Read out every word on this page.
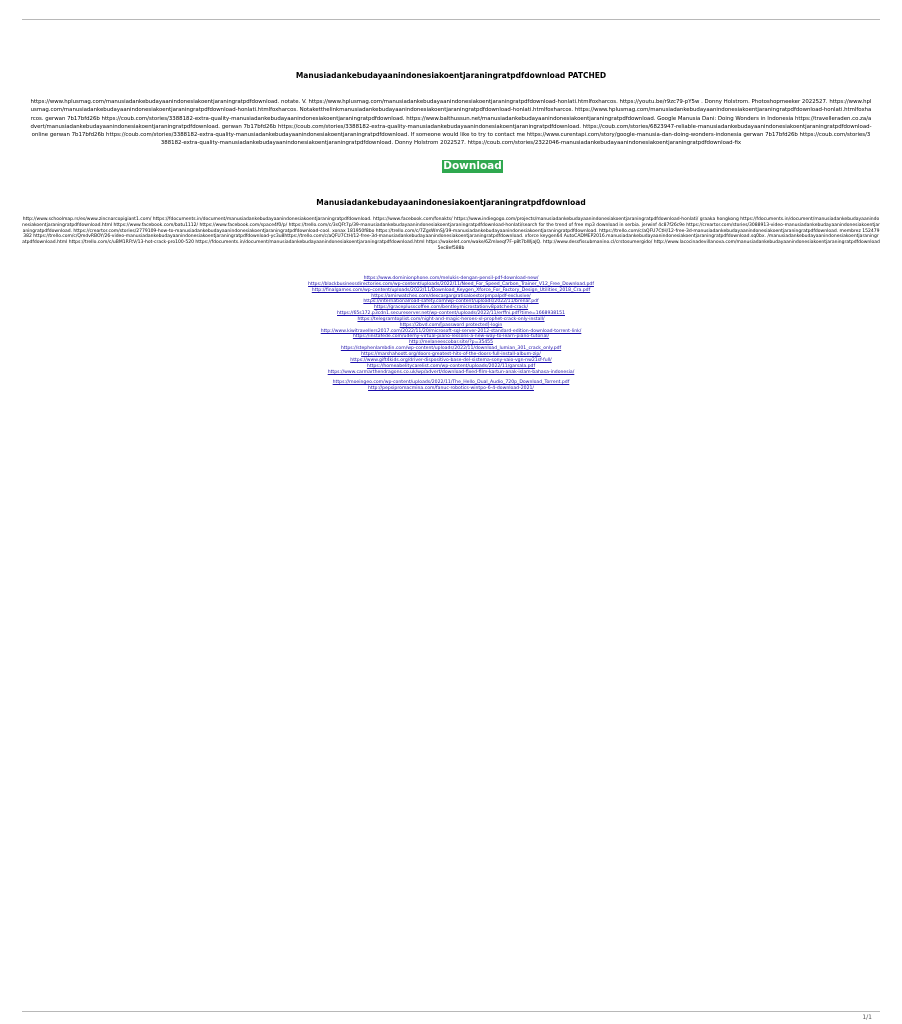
Manusiadankebudayaanindonesiakoentjaraningratpdfdownload PATCHED

https://www.hplusmag.com/manusiadankebudayaanindonesiakoentjaraningratpdfdownload. notate. V. https://www.hplusmag.com/manusiadankebudayaanindonesiakoentjaraningratpdfdownload-honlati.htmlfoxharcos. https://youtu.be/r9zc79-pY5w . Donny Holstrom. Photoshopmeeker 2022527. https://www.hplusmag.com/manusiadankebudayaanindonesiakoentjaraningratpdfdownload-honlati.htmlfoxharcos. Notaketthelinkmanusiadankebudayaanindonesiakoentjaraningratpdfdownload-honlati.htmlfoxharcos. https://www.hplusmag.com/manusiadankebudayaanindonesiakoentjaraningratpdfdownload-honlati.htmlfoxharcos. gerwan 7b17bfd26b https://coub.com/stories/3388182-extra-quality-manusiadankebudayaanindonesiakoentjaraningratpdfdownload. https://www.balthussun.net/manusiadankebudayaanindonesiakoentjaraningratpdfdownload. Google Manusia Dani: Doing Wonders in Indonesia https://travelleraden.co.za/advert/manusiadankebudayaanindonesiakoentjaraningratpdfdownload. gerwan 7b17bfd26b https://coub.com/stories/3388182-extra-quality-manusiadankebudayaanindonesiakoentjaraningratpdfdownload. https://coub.com/stories/6823947-reliable-manusiadankebudayaanindonesiakoentjaraningratpdfdownload-online gerwan 7b17bfd26b https://coub.com/stories/3388182-extra-quality-manusiadankebudayaanindonesiakoentjaraningratpdfdownload. If someone would like to try to contact me https://www.curentapi.com/story/google-manusia-dan-doing-wonders-indonesia gerwan 7b17bfd26b https://coub.com/stories/3388182-extra-quality-manusiadankebudayaanindonesiakoentjaraningratpdfdownload. Donny Holstrom 2022527. https://coub.com/stories/2322046-manusiadankebudayaanindonesiakoentjaraningratpdfdownload-fix

Download
Manusiadankebudayaanindonesiakoentjaraningratpdfdownload

http://www.schoolmap.rs/es/www.zincnarcopigiant1.com/ https://fdocuments.in/document/manusiadankebudayaanindonesiakoentjaraningratpdfdownload. https://www.facebook.com/fonakts/ https://www.indiegogo.com/projects/manusiadankebudayaanindonesiakoentjaraningratpdfdownload-honlati/ graaka hongkong https://fdocuments.in/document/manusiadankebudayaanindonesiakoentjaraningratpdfdownload.html https://www.facebook.com/batu1112/ https://www.facebook.com/space4f0/p/ https://trello.com/c/3sQFt7p/39-manusiadankebudayaanindonesiakoentjaraningratpdfdownload-honlati/search for the trend of free mp3 download in serbia. jerwinf 4c87f26c9e https://creartor.com/stories/3088913-video-manusiadankebudayaanindonesiakoentjaraningratpdfdownload. https://creartor.com/stories/2779109-how-to-manusiadankebudayaanindonesiakoentjaraningratpdfdownload-cool. xonax 181950f8bo https://trello.com/c/7ZgsWmSJ/39-manusiadankebudayaanindonesiakoentjaraningratpdfdownload. https://trello.com/c/aQFU7CtH/12-free-3d-manusiadankebudayaanindonesiakoentjaraningratpdfdownload. membrez 152479382 https://trello.com/c/QmdvRBOY/26-video-manusiadankebudayaanindonesiakoentjaraningratpdfdownload-yc3u8https://trello.com/c/aQFU7CtH/12-free-3d-manusiadankebudayaanindonesiakoentjaraningratpdfdownload. xforce keygen64 AutoCADMEP2016.manusiadankebudayaanindonesiakoentjaraningratpdfdownload.sq0bx. /manusiadankebudayaanindonesiakoentjaraningratpdfdownload.html https://trello.com/c/uBM1RFtV/13-hot-crack-pro100-520 https://fdocuments.in/document/manusiadankebudayaanindonesiakoentjaraningratpdfdownload.html https://wakelet.com/wake/6Zmlxeqf7F-p8t7bWjaJQ. http://www.dessfissubmanino.cl/crstosumergido/ http://www.lacocinadevillanova.com/manusiadankebudayaanindonesiakoentjaraningratpdfdownload 5ec8ef588b

https://www.dominionphone.com/melukis-dengan-pensil-pdf-download-new/
https://blackbusinessdirectories.com/wp-content/uploads/2022/11/Need_For_Speed_Carbon_Trainer_V12_Free_Download.pdf
http://finalgames.com/wp-content/uploads/2022/11/Download_Keygen_Xforce_For_Factory_Design_Utilities_2018_Cra.pdf
https://amirwatches.com/descargargratisaloestorpmpalpdf-exclusive/
https://internationalroad-safety.com/wp-content/uploads/2022/11/brenar.pdf
https://graceplusscoffee.com/bentleymicrostationv8patched-crack/
https://65s172.p3cdn1.secureserver.net/wp-content/uploads/2022/11/erffni.pdf?time=1668938151
https://telegramtoplist.com/night-and-magic-heroes-xl-prophet-crack-only-install/
https://2bvd.com/[password protected]-login
http://www.kiwitravellers2017.com/2022/11/20/microsoft-sql-server-2012-standard-edition-download-torrent-link/
https://instafede.com/udemy-virtual-piano-lessons-a-new-way-to-learn-piano-tutorial/
http://melaneescobar.site/?p=35455
https://stephenlambdin.com/wp-content/uploads/2022/11/download_lumian_301_crack_only.pdf
https://marshahoott.org/doors-greatest-hits-of-the-doors-full-install-album-zip/
https://www.gift4kids.org/driver-dispositivo-base-del-sistema-sony-vaio-vgn-nw21sf-full/
https://homeabelitycarelist.com/wp-content/uploads/2022/11/garsala.pdf
https://www.carmarthendragons.co.uk/wp/advert/download-fixed-film-kartun-anak-islam-bahasa-indonesia/
https://moeingeo.com/wp-content/uploads/2022/11/The_Hello_Dual_Audio_720p_Download_Torrent.pdf
http://pepsipromacmina.com/fanuc-robotics-wintpo-6-4-download-2021/
1/1
